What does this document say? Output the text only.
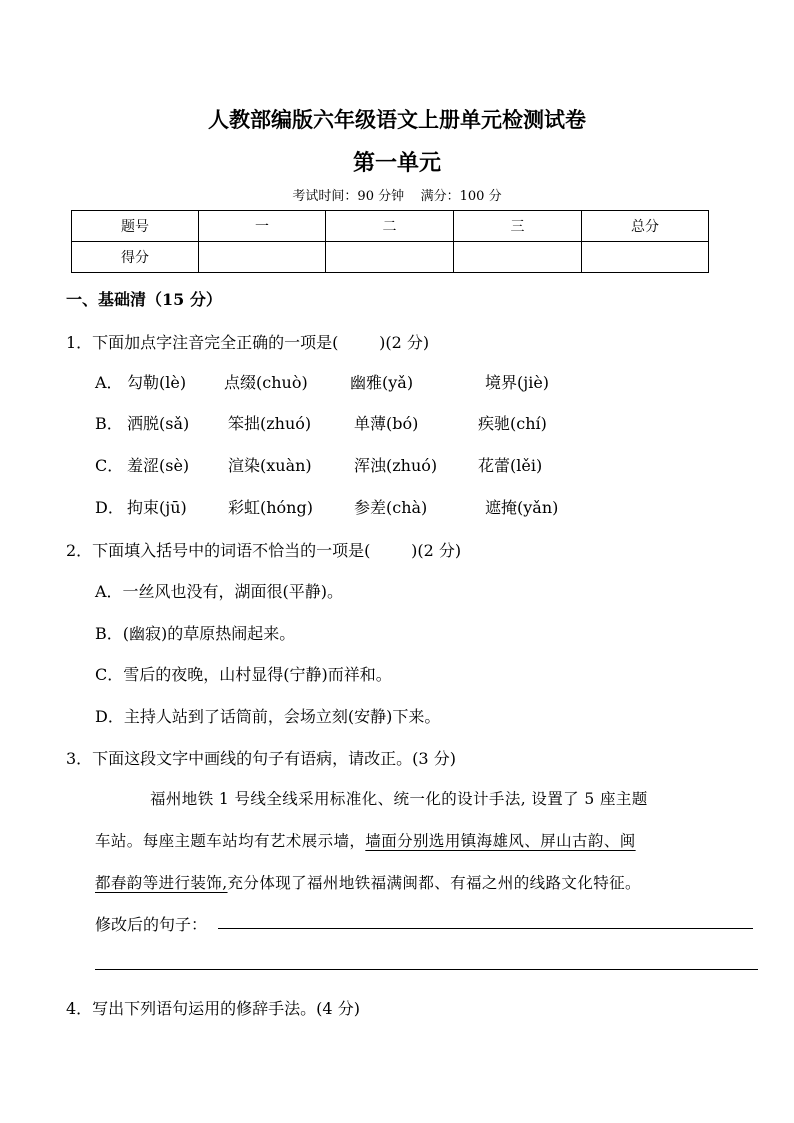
人教部编版六年级语文上册单元检测试卷
第一单元
考试时间：90 分钟    满分：100 分
题号	一	二	三	总分
得分				
一、基础清（15 分）
1．下面加点字注音完全正确的一项是(        )(2 分)
A． 勾勒(lè)	点缀(chuò)	幽雅(yǎ)	境界(jiè)
B． 洒脱(sǎ)	笨拙(zhuó)	单薄(bó)	疾驰(chí)
C． 羞涩(sè)	渲染(xuàn)	浑浊(zhuó)	花蕾(lěi)
D． 拘束(jū)	彩虹(hóng)	参差(chà)	遮掩(yǎn)
2．下面填入括号中的词语不恰当的一项是(        )(2 分)
A．一丝风也没有，湖面很(平静)。
B．(幽寂)的草原热闹起来。
C．雪后的夜晚，山村显得(宁静)而祥和。
D．主持人站到了话筒前，会场立刻(安静)下来。
3．下面这段文字中画线的句子有语病，请改正。(3 分)
福州地铁 1 号线全线采用标准化、统一化的设计手法, 设置了 5 座主题
车站。每座主题车站均有艺术展示墙，墙面分别选用镇海雄风、屏山古韵、闽
都春韵等进行装饰,充分体现了福州地铁福满闽都、有福之州的线路文化特征。
修改后的句子：
4．写出下列语句运用的修辞手法。(4 分)
